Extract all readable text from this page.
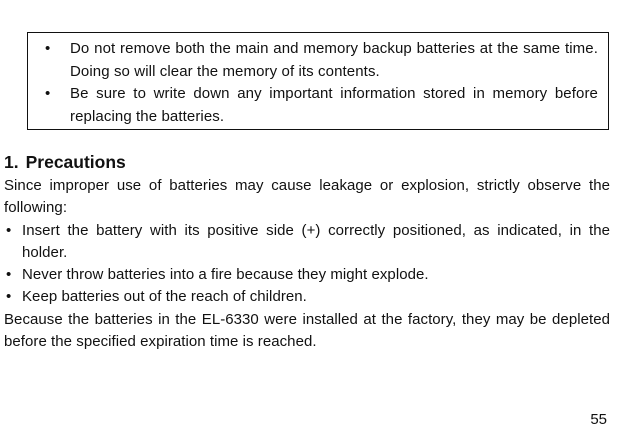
• Do not remove both the main and memory backup batteries at the same time. Doing so will clear the memory of its contents.
• Be sure to write down any important information stored in memory before replacing the batteries.
1. Precautions

Since improper use of batteries may cause leakage or explosion, strictly observe the following:

• Insert the battery with its positive side (+) correctly positioned, as indicated, in the holder.
• Never throw batteries into a fire because they might explode.
• Keep batteries out of the reach of children.

Because the batteries in the EL-6330 were installed at the factory, they may be depleted before the specified expiration time is reached.

55
